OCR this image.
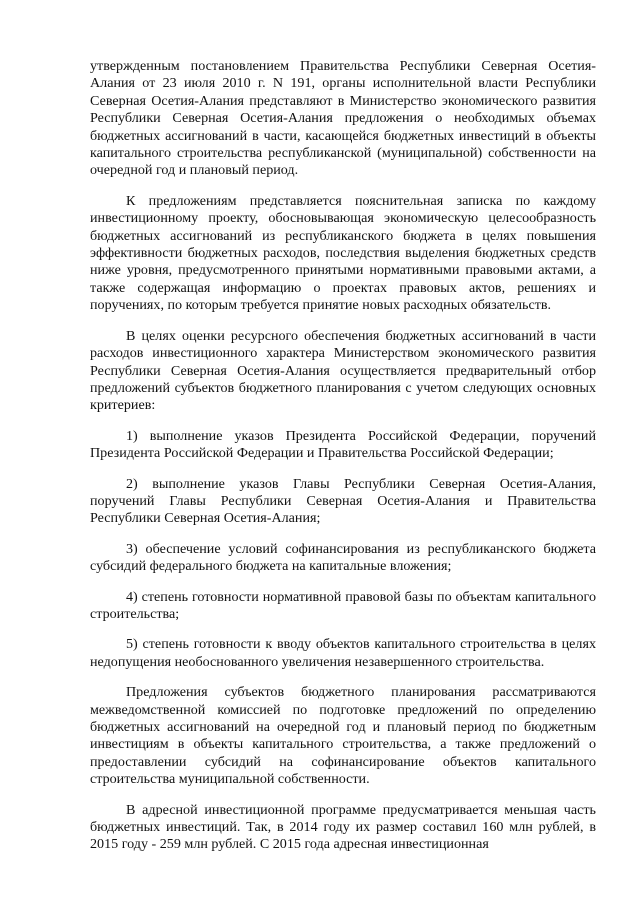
утвержденным постановлением Правительства Республики Северная Осетия-Алания от 23 июля 2010 г. N 191, органы исполнительной власти Республики Северная Осетия-Алания представляют в Министерство экономического развития Республики Северная Осетия-Алания предложения о необходимых объемах бюджетных ассигнований в части, касающейся бюджетных инвестиций в объекты капитального строительства республиканской (муниципальной) собственности на очередной год и плановый период.

К предложениям представляется пояснительная записка по каждому инвестиционному проекту, обосновывающая экономическую целесообразность бюджетных ассигнований из республиканского бюджета в целях повышения эффективности бюджетных расходов, последствия выделения бюджетных средств ниже уровня, предусмотренного принятыми нормативными правовыми актами, а также содержащая информацию о проектах правовых актов, решениях и поручениях, по которым требуется принятие новых расходных обязательств.

В целях оценки ресурсного обеспечения бюджетных ассигнований в части расходов инвестиционного характера Министерством экономического развития Республики Северная Осетия-Алания осуществляется предварительный отбор предложений субъектов бюджетного планирования с учетом следующих основных критериев:

1) выполнение указов Президента Российской Федерации, поручений Президента Российской Федерации и Правительства Российской Федерации;

2) выполнение указов Главы Республики Северная Осетия-Алания, поручений Главы Республики Северная Осетия-Алания и Правительства Республики Северная Осетия-Алания;

3) обеспечение условий софинансирования из республиканского бюджета субсидий федерального бюджета на капитальные вложения;

4) степень готовности нормативной правовой базы по объектам капитального строительства;

5) степень готовности к вводу объектов капитального строительства в целях недопущения необоснованного увеличения незавершенного строительства.

Предложения субъектов бюджетного планирования рассматриваются межведомственной комиссией по подготовке предложений по определению бюджетных ассигнований на очередной год и плановый период по бюджетным инвестициям в объекты капитального строительства, а также предложений о предоставлении субсидий на софинансирование объектов капитального строительства муниципальной собственности.

В адресной инвестиционной программе предусматривается меньшая часть бюджетных инвестиций. Так, в 2014 году их размер составил 160 млн рублей, в 2015 году - 259 млн рублей. С 2015 года адресная инвестиционная
